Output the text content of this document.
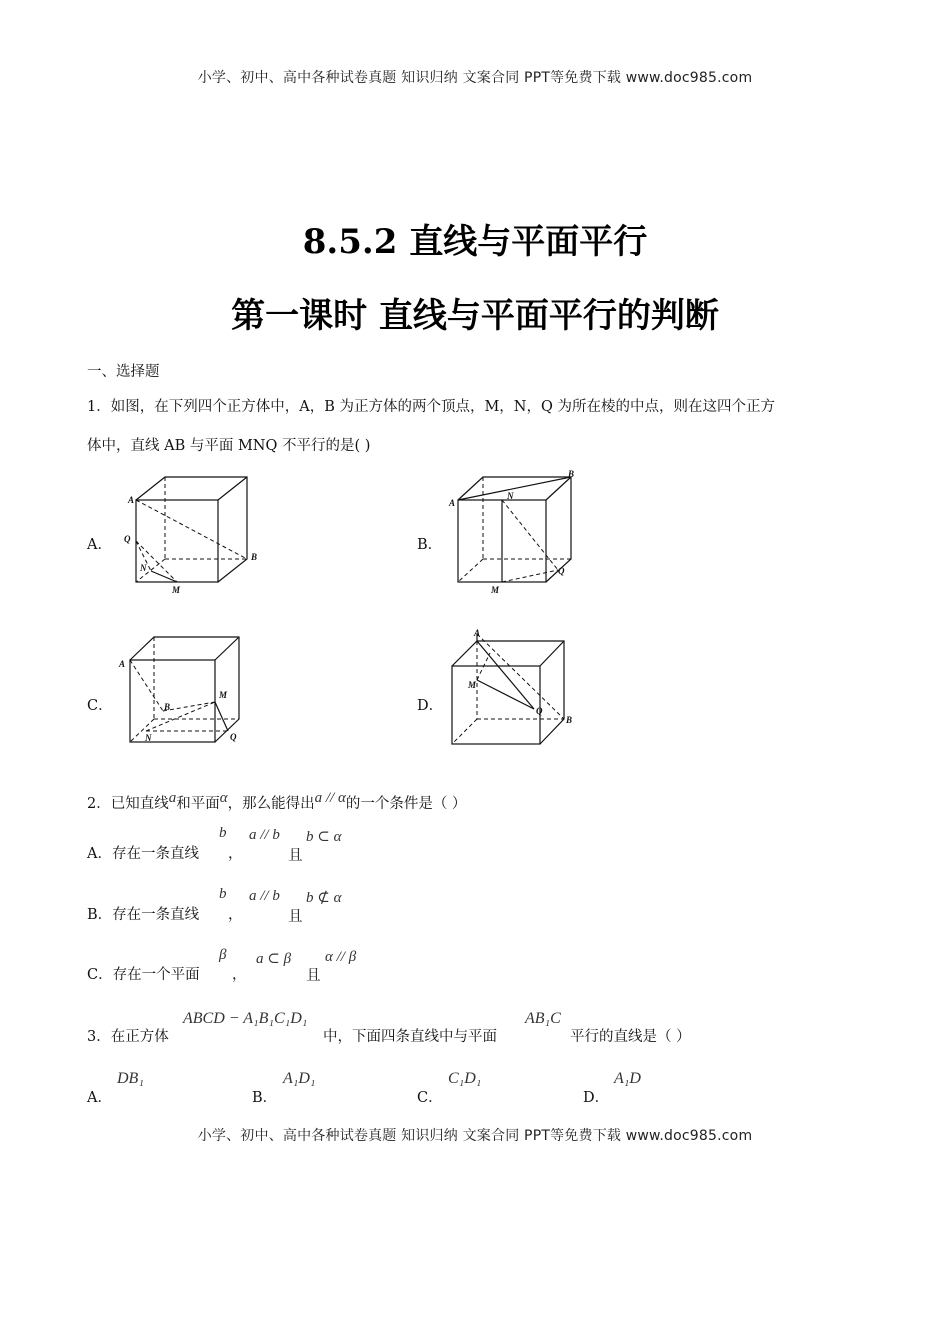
小学、初中、高中各种试卷真题 知识归纳 文案合同 PPT等免费下载 www.doc985.com
8.5.2 直线与平面平行
第一课时 直线与平面平行的判断
一、选择题
1．如图，在下列四个正方体中，A，B 为正方体的两个顶点，M，N，Q 为所在棱的中点，则在这四个正方
体中，直线 AB 与平面 MNQ 不平行的是( )
A．	B．
C．	D．
A
B
Q
N
M
A
B
N
Q
M
A
B
M
N	Q
A
M
Q
B
2．已知直线a和平面α，那么能得出a // α的一个条件是（ ）
A．存在一条直线
b
，
a // b
且
b ⊂ α
B．存在一条直线
b
，
a // b
且
b ⊄ α
C．存在一个平面
β
，
a ⊂ β
且
α // β
3．在正方体
ABCD − A₁B₁C₁D₁
中，下面四条直线中与平面
AB₁C
平行的直线是（ ）
A．
DB₁
B．
A₁D₁
C．
C₁D₁
D．
A₁D
小学、初中、高中各种试卷真题 知识归纳 文案合同 PPT等免费下载 www.doc985.com
